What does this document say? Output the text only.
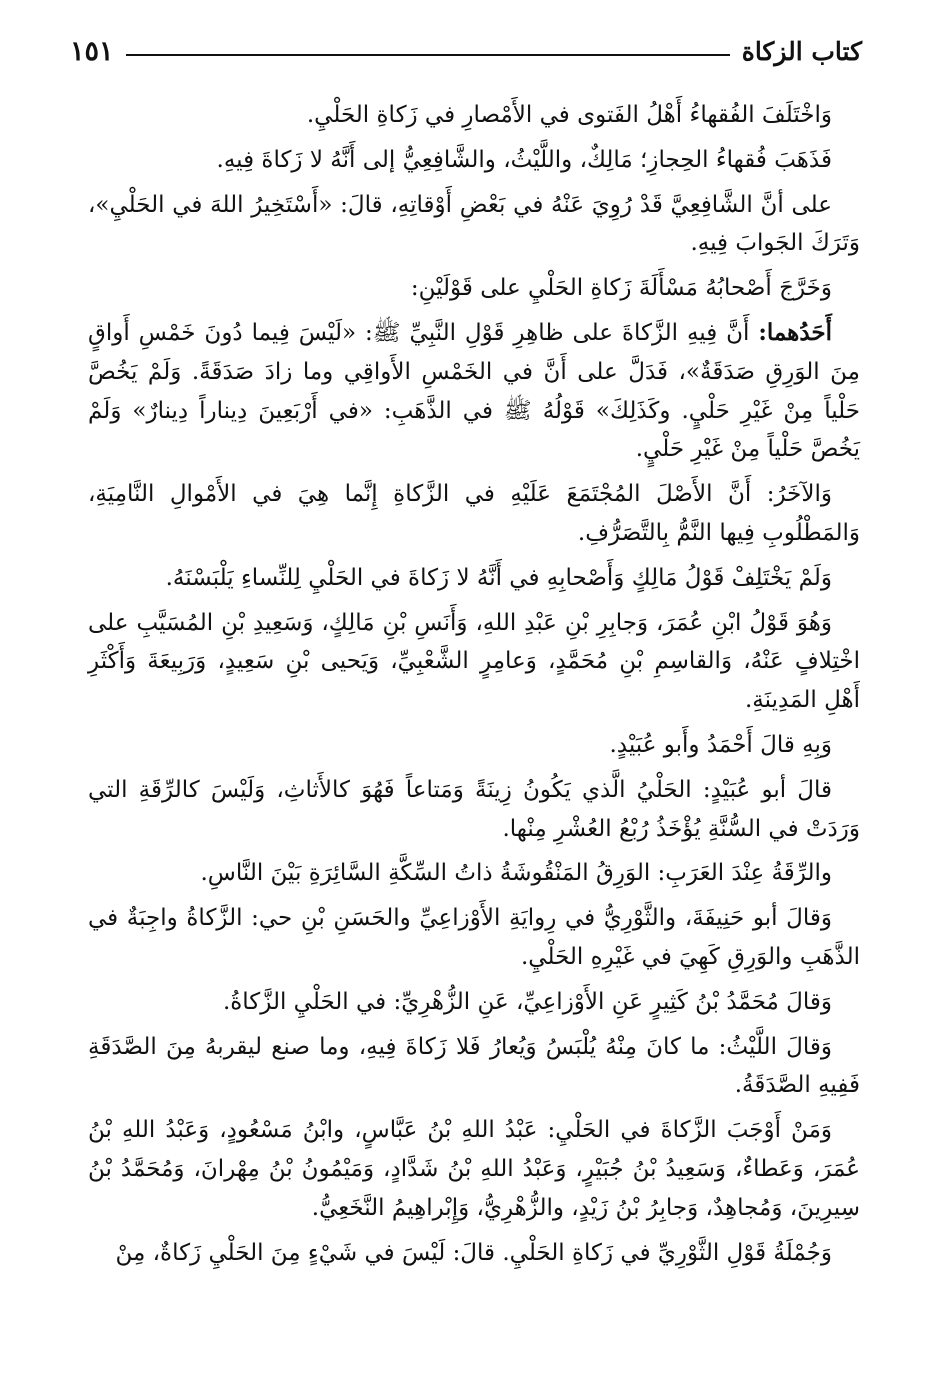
كتاب الزكاة
١٥١

وَاخْتَلَفَ الفُقهاءُ أَهْلُ الفَتوى في الأَمْصارِ في زَكاةِ الحَلْيِ.

فَذَهَبَ فُقهاءُ الحِجازِ؛ مَالِكٌ، واللَّيْثُ، والشَّافِعِيُّ إلى أَنَّهُ لا زَكاةَ فِيهِ.

على أنَّ الشَّافِعِيَّ قَدْ رُوِيَ عَنْهُ في بَعْضِ أَوْقاتِهِ، قالَ: «أَسْتَخِيرُ اللهَ في الحَلْيِ»، وَتَرَكَ الجَوابَ فِيهِ.

وَخَرَّجَ أَصْحابُهُ مَسْأَلَةَ زَكاةِ الحَلْيِ على قَوْلَيْنِ:

أَحَدُهما: أَنَّ فِيهِ الزَّكاةَ على ظاهِرِ قَوْلِ النَّبِيِّ ﷺ: «لَيْسَ فِيما دُونَ خَمْسِ أَواقٍ مِنَ الوَرِقِ صَدَقَةٌ»، فَدَلَّ على أَنَّ في الخَمْسِ الأَواقِي وما زادَ صَدَقَةً. وَلَمْ يَخُصَّ حَلْياً مِنْ غَيْرِ حَلْيٍ. وكَذَلِكَ» قَوْلُهُ ﷺ في الذَّهَبِ: «في أَرْبَعِينَ دِيناراً دِينارٌ» وَلَمْ يَخُصَّ حَلْياً مِنْ غَيْرِ حَلْيٍ.

وَالآخَرُ: أَنَّ الأَصْلَ المُجْتَمَعَ عَلَيْهِ في الزَّكاةِ إِنَّما هِيَ في الأَمْوالِ النَّامِيَةِ، وَالمَطْلُوبِ فِيها النَّمُّ بِالتَّصَرُّفِ.

وَلَمْ يَخْتَلِفْ قَوْلُ مَالِكٍ وَأَصْحابِهِ في أَنَّهُ لا زَكاةَ في الحَلْيِ لِلنِّساءِ يَلْبَسْنَهُ.

وَهُوَ قَوْلُ ابْنِ عُمَرَ، وَجابِرِ بْنِ عَبْدِ اللهِ، وَأَنَسِ بْنِ مَالِكٍ، وَسَعِيدِ بْنِ المُسَيَّبِ على اخْتِلافٍ عَنْهُ، وَالقاسِمِ بْنِ مُحَمَّدٍ، وَعامِرٍ الشَّعْبِيِّ، وَيَحيى بْنِ سَعِيدٍ، وَرَبِيعَةَ وَأَكْثَرِ أَهْلِ المَدِينَةِ.

وَبِهِ قالَ أَحْمَدُ وأَبو عُبَيْدٍ.

قالَ أبو عُبَيْدٍ: الحَلْيُ الَّذي يَكُونُ زِينَةً وَمَتاعاً فَهُوَ كالأَثاثِ، وَلَيْسَ كالرِّقَةِ التي وَرَدَتْ في السُّنَّةِ يُؤْخَذُ رُبْعُ العُشْرِ مِنْها.

والرِّقَةُ عِنْدَ العَرَبِ: الوَرِقُ المَنْقُوشَةُ ذاتُ السِّكَّةِ السَّائِرَةِ بَيْنَ النَّاسِ.

وَقالَ أبو حَنِيفَةَ، والثَّوْرِيُّ في رِوايَةِ الأَوْزاعِيِّ والحَسَنِ بْنِ حي: الزَّكاةُ واجِبَةٌ في الذَّهَبِ والوَرِقِ كَهِيَ في غَيْرِهِ الحَلْيِ.

وَقالَ مُحَمَّدُ بْنُ كَثِيرٍ عَنِ الأَوْزاعِيِّ، عَنِ الزُّهْرِيِّ: في الحَلْيِ الزَّكاةُ.

وَقالَ اللَّيْثُ: ما كانَ مِنْهُ يُلْبَسُ وَيُعارُ فَلا زَكاةَ فِيهِ، وما صنع ليقربهُ مِنَ الصَّدَقَةِ فَفِيهِ الصَّدَقَةُ.

وَمَنْ أَوْجَبَ الزَّكاةَ في الحَلْيِ: عَبْدُ اللهِ بْنُ عَبَّاسٍ، وابْنُ مَسْعُودٍ، وَعَبْدُ اللهِ بْنُ عُمَرَ، وَعَطاءٌ، وَسَعِيدُ بْنُ جُبَيْرٍ، وَعَبْدُ اللهِ بْنُ شَدَّادٍ، وَمَيْمُونُ بْنُ مِهْرانَ، وَمُحَمَّدُ بْنُ سِيرِينَ، وَمُجاهِدٌ، وَجابِرُ بْنُ زَيْدٍ، والزُّهْرِيُّ، وَإِبْراهِيمُ النَّخَعِيُّ.

وَجُمْلَةُ قَوْلِ الثَّوْرِيِّ في زَكاةِ الحَلْيِ. قالَ: لَيْسَ في شَيْءٍ مِنَ الحَلْيِ زَكاةٌ، مِنْ
